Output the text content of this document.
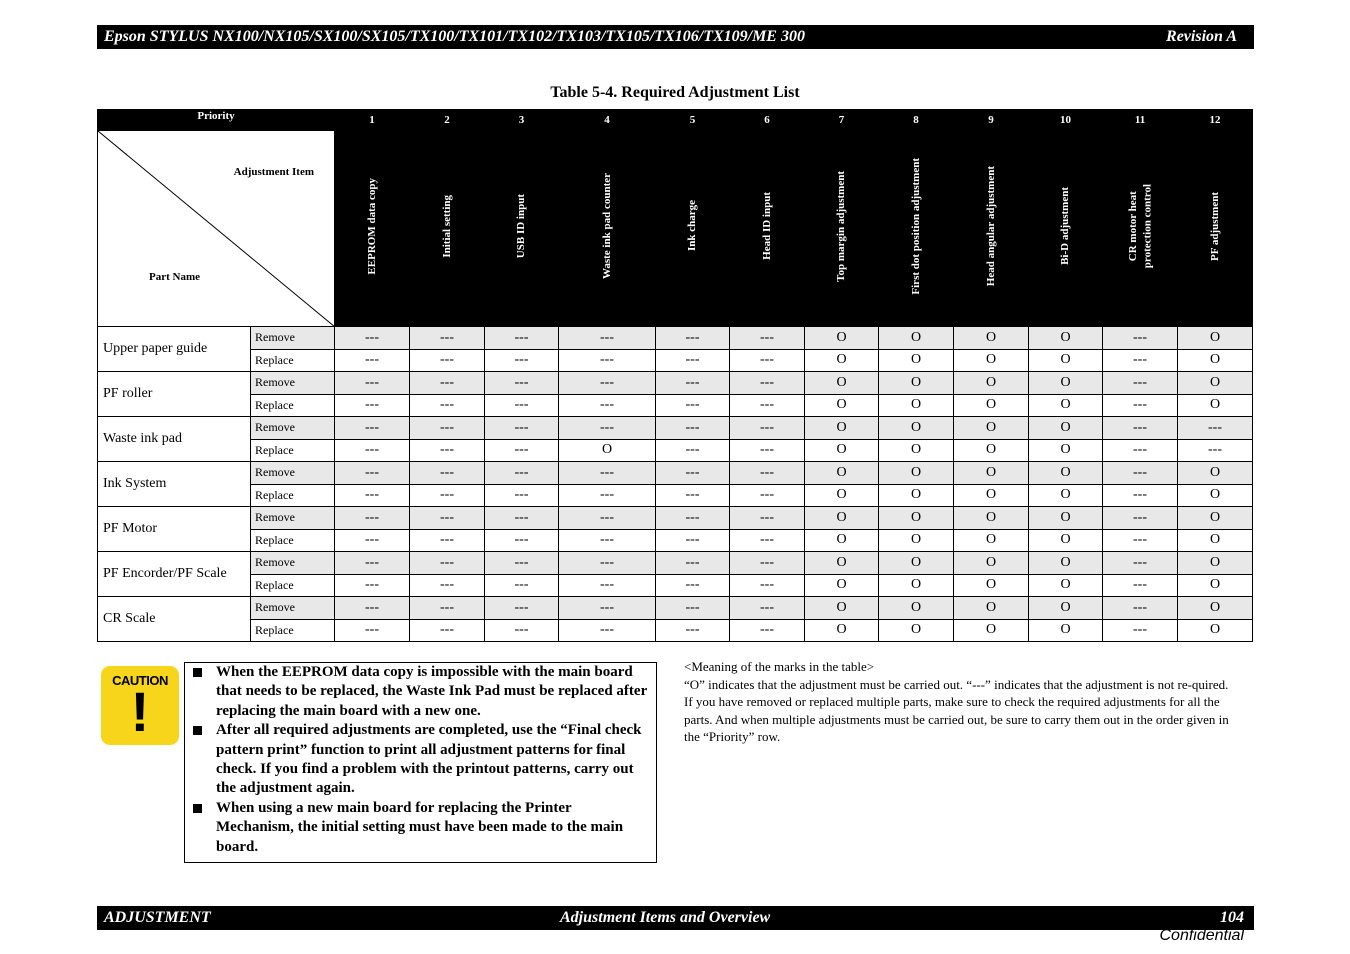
Epson STYLUS NX100/NX105/SX100/SX105/TX100/TX101/TX102/TX103/TX105/TX106/TX109/ME 300	Revision A
Table 5-4. Required Adjustment List
Priority		1	2	3	4	5	6	7	8	9	10	11	12

Adjustment Item
Part Name		EEPROM data copy	Initial setting	USB ID input	Waste ink pad counter	Ink charge	Head ID input	Top margin adjustment	First dot position adjustment	Head angular adjustment	Bi-D adjustment	CR motor heat protection control	PF adjustment

Upper paper guide	Remove	---	---	---	---	---	---	O	O	O	O	---	O
	Replace	---	---	---	---	---	---	O	O	O	O	---	O
PF roller	Remove	---	---	---	---	---	---	O	O	O	O	---	O
	Replace	---	---	---	---	---	---	O	O	O	O	---	O
Waste ink pad	Remove	---	---	---	---	---	---	O	O	O	O	---	---
	Replace	---	---	---	O	---	---	O	O	O	O	---	---
Ink System	Remove	---	---	---	---	---	---	O	O	O	O	---	O
	Replace	---	---	---	---	---	---	O	O	O	O	---	O
PF Motor	Remove	---	---	---	---	---	---	O	O	O	O	---	O
	Replace	---	---	---	---	---	---	O	O	O	O	---	O
PF Encorder/PF Scale	Remove	---	---	---	---	---	---	O	O	O	O	---	O
	Replace	---	---	---	---	---	---	O	O	O	O	---	O
CR Scale	Remove	---	---	---	---	---	---	O	O	O	O	---	O
	Replace	---	---	---	---	---	---	O	O	O	O	---	O
CAUTION
!
When the EEPROM data copy is impossible with the main board that needs to be replaced, the Waste Ink Pad must be replaced after replacing the main board with a new one.
After all required adjustments are completed, use the “Final check pattern print” function to print all adjustment patterns for final check. If you find a problem with the printout patterns, carry out the adjustment again.
When using a new main board for replacing the Printer Mechanism, the initial setting must have been made to the main board.
<Meaning of the marks in the table>
“O” indicates that the adjustment must be carried out. “---” indicates that the adjustment is not re-quired.
If you have removed or replaced multiple parts, make sure to check the required adjustments for all the parts. And when multiple adjustments must be carried out, be sure to carry them out in the order given in the “Priority” row.
ADJUSTMENT	Adjustment Items and Overview	104
Confidential
